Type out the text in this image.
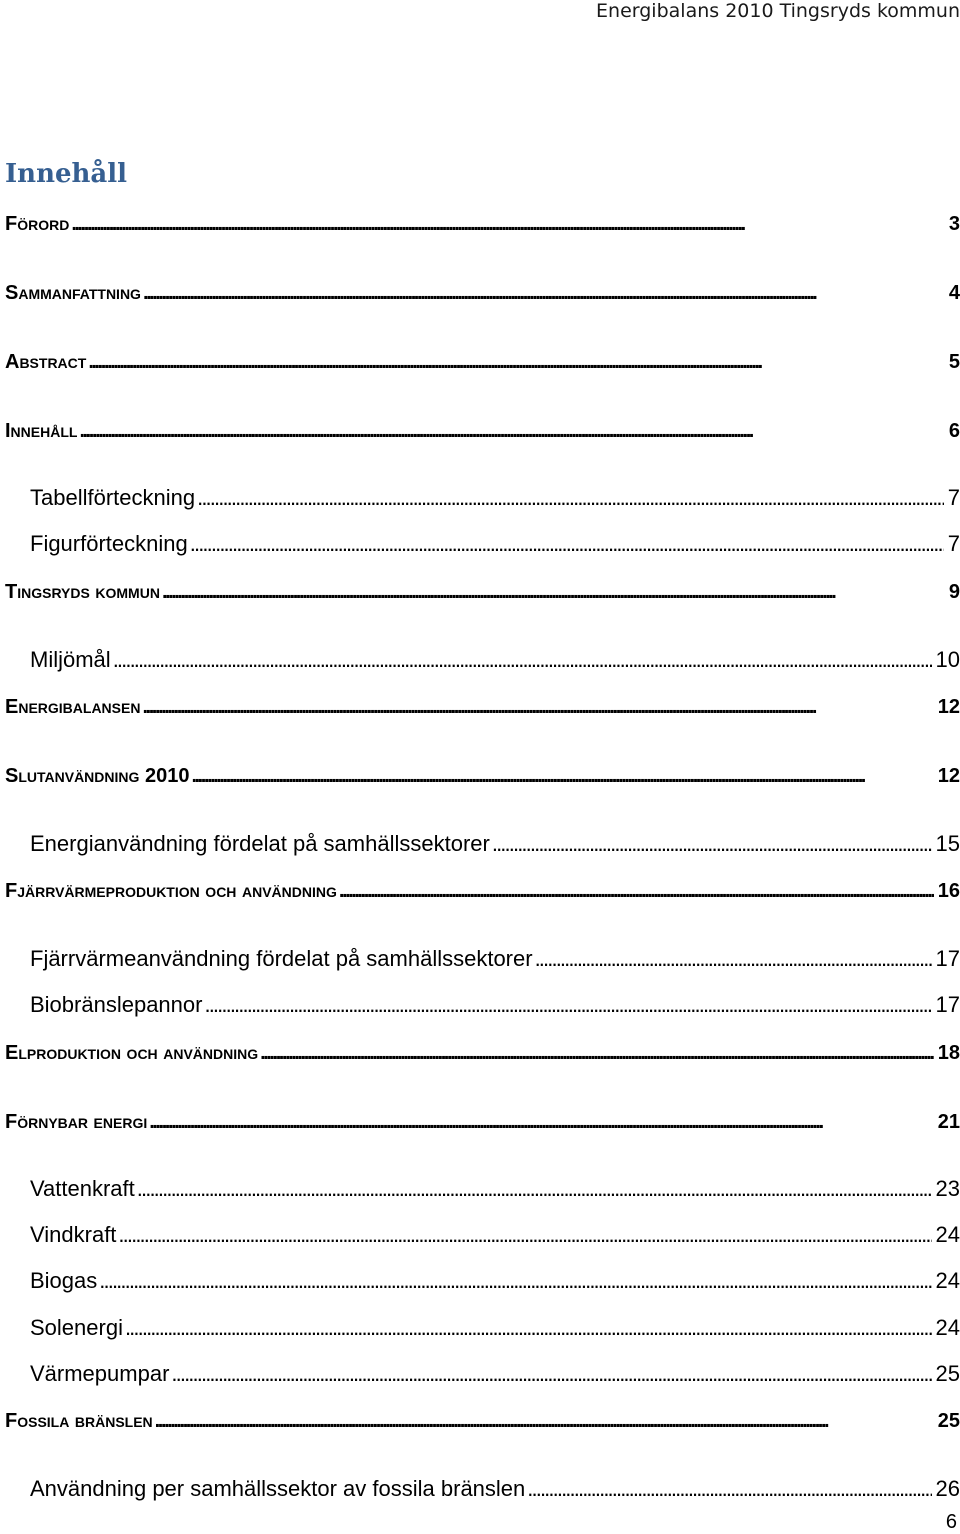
Energibalans 2010 Tingsryds kommun
Innehåll
Förord . . .	3
Sammanfattning . . .	4
Abstract . . .	5
Innehåll . . .	6
Tabellförteckning . . .	7
Figurförteckning . . .	7
Tingsryds kommun . . .	9
Miljömål . . .	10
Energibalansen . . .	12
Slutanvändning 2010 . . .	12
Energianvändning fördelat på samhällssektorer . . .	15
Fjärrvärmeproduktion och användning . . .	16
Fjärrvärmeanvändning fördelat på samhällssektorer . . .	17
Biobränslepannor . . .	17
Elproduktion och användning . . .	18
Förnybar energi . . .	21
Vattenkraft . . .	23
Vindkraft . . .	24
Biogas . . .	24
Solenergi . . .	24
Värmepumpar . . .	25
Fossila bränslen . . .	25
Användning per samhällssektor av fossila bränslen . . .	26
6
